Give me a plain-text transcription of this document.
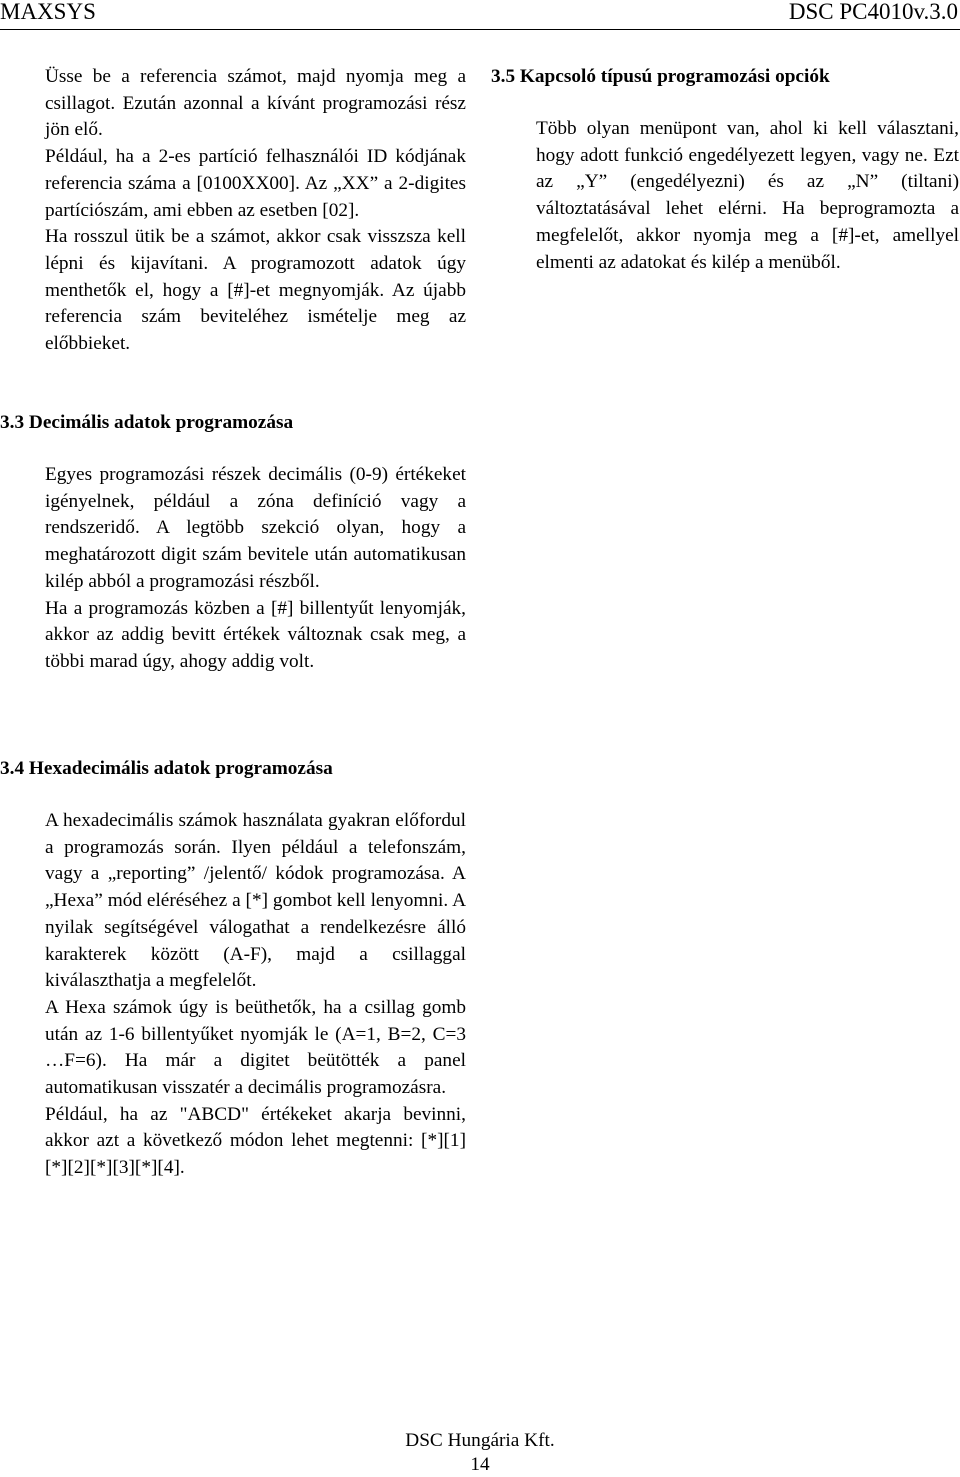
MAXSYS	DSC PC4010v.3.0
Üsse be a referencia számot, majd nyomja meg a csillagot. Ezután azonnal a kívánt programozási rész jön elő.
Például, ha a 2-es partíció felhasználói ID kódjának referencia száma a [0100XX00]. Az „XX” a 2-digites partíciószám, ami ebben az esetben [02].
Ha rosszul ütik be a számot, akkor csak visszsza kell lépni és kijavítani. A programozott adatok úgy menthetők el, hogy a [#]-et megnyomják. Az újabb referencia szám beviteléhez ismételje meg az előbbieket.
3.5 Kapcsoló típusú programozási opciók
Több olyan menüpont van, ahol ki kell választani, hogy adott funkció engedélyezett legyen, vagy ne. Ezt az „Y” (engedélyezni) és az „N” (tiltani) változtatásával lehet elérni. Ha beprogramozta a megfelelőt, akkor nyomja meg a [#]-et, amellyel elmenti az adatokat és kilép a menüből.
3.3 Decimális adatok programozása
Egyes programozási részek decimális (0-9) értékeket igényelnek, például a zóna definíció vagy a rendszeridő. A legtöbb szekció olyan, hogy a meghatározott digit szám bevitele után automatikusan kilép abból a programozási részből.
Ha a programozás közben a [#] billentyűt lenyomják, akkor az addig bevitt értékek változnak csak meg, a többi marad úgy, ahogy addig volt.
3.4 Hexadecimális adatok programozása
A hexadecimális számok használata gyakran előfordul a programozás során. Ilyen például a telefonszám, vagy a „reporting” /jelentő/ kódok programozása. A „Hexa” mód eléréséhez a [*] gombot kell lenyomni. A nyilak segítségével válogathat a rendelkezésre álló karakterek között (A-F), majd a csillaggal kiválaszthatja a megfelelőt.
A Hexa számok úgy is beüthetők, ha a csillag gomb után az 1-6 billentyűket nyomják le (A=1, B=2, C=3 …F=6). Ha már a digitet beütötték a panel automatikusan visszatér a decimális programozásra.
Például, ha az "ABCD" értékeket akarja bevinni, akkor azt a következő módon lehet megtenni: [*][1][*][2][*][3][*][4].
DSC Hungária Kft.
14
